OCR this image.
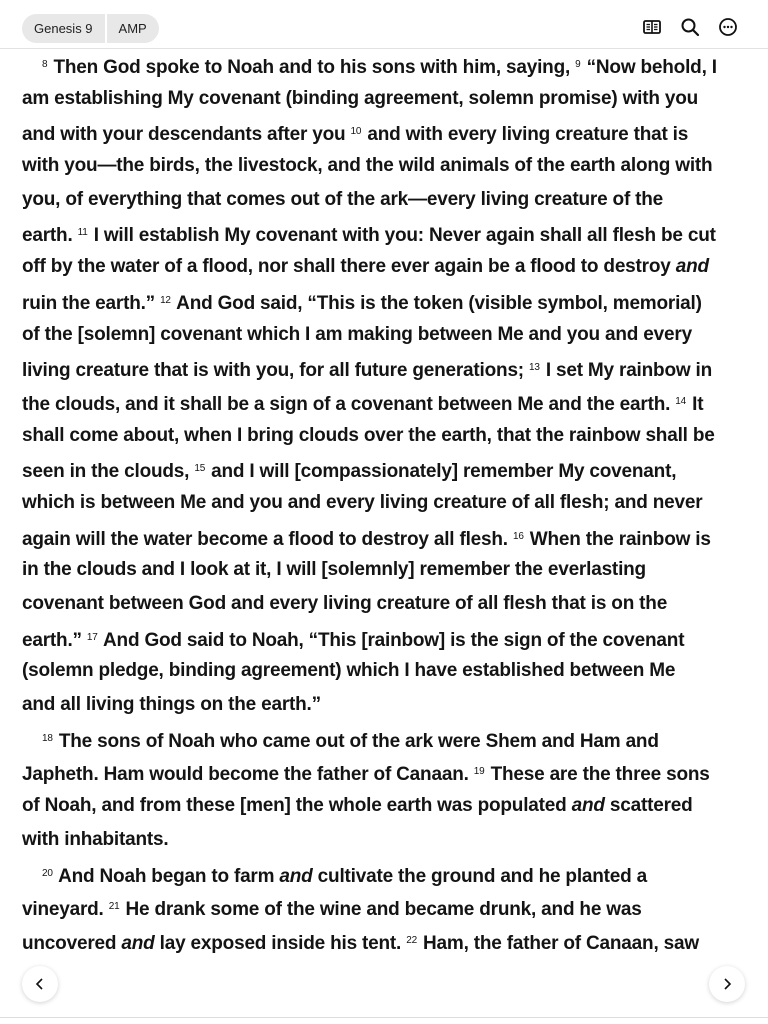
Genesis 9	AMP
$^8$ Then God spoke to Noah and to his sons with him, saying, $^9$ “Now behold, I
am establishing My covenant (binding agreement, solemn promise) with you
and with your descendants after you $^{10}$ and with every living creature that is
with you—the birds, the livestock, and the wild animals of the earth along with
you, of everything that comes out of the ark—every living creature of the
earth. $^{11}$ I will establish My covenant with you: Never again shall all flesh be cut
off by the water of a flood, nor shall there ever again be a flood to destroy and
ruin the earth.” $^{12}$ And God said, “This is the token (visible symbol, memorial)
of the [solemn] covenant which I am making between Me and you and every
living creature that is with you, for all future generations; $^{13}$ I set My rainbow in
the clouds, and it shall be a sign of a covenant between Me and the earth. $^{14}$ It
shall come about, when I bring clouds over the earth, that the rainbow shall be
seen in the clouds, $^{15}$ and I will [compassionately] remember My covenant,
which is between Me and you and every living creature of all flesh; and never
again will the water become a flood to destroy all flesh. $^{16}$ When the rainbow is
in the clouds and I look at it, I will [solemnly] remember the everlasting
covenant between God and every living creature of all flesh that is on the
earth.” $^{17}$ And God said to Noah, “This [rainbow] is the sign of the covenant
(solemn pledge, binding agreement) which I have established between Me
and all living things on the earth.”
$^{18}$ The sons of Noah who came out of the ark were Shem and Ham and
Japheth. Ham would become the father of Canaan. $^{19}$ These are the three sons
of Noah, and from these [men] the whole earth was populated and scattered
with inhabitants.
$^{20}$ And Noah began to farm and cultivate the ground and he planted a
vineyard. $^{21}$ He drank some of the wine and became drunk, and he was
uncovered and lay exposed inside his tent. $^{22}$ Ham, the father of Canaan, saw
